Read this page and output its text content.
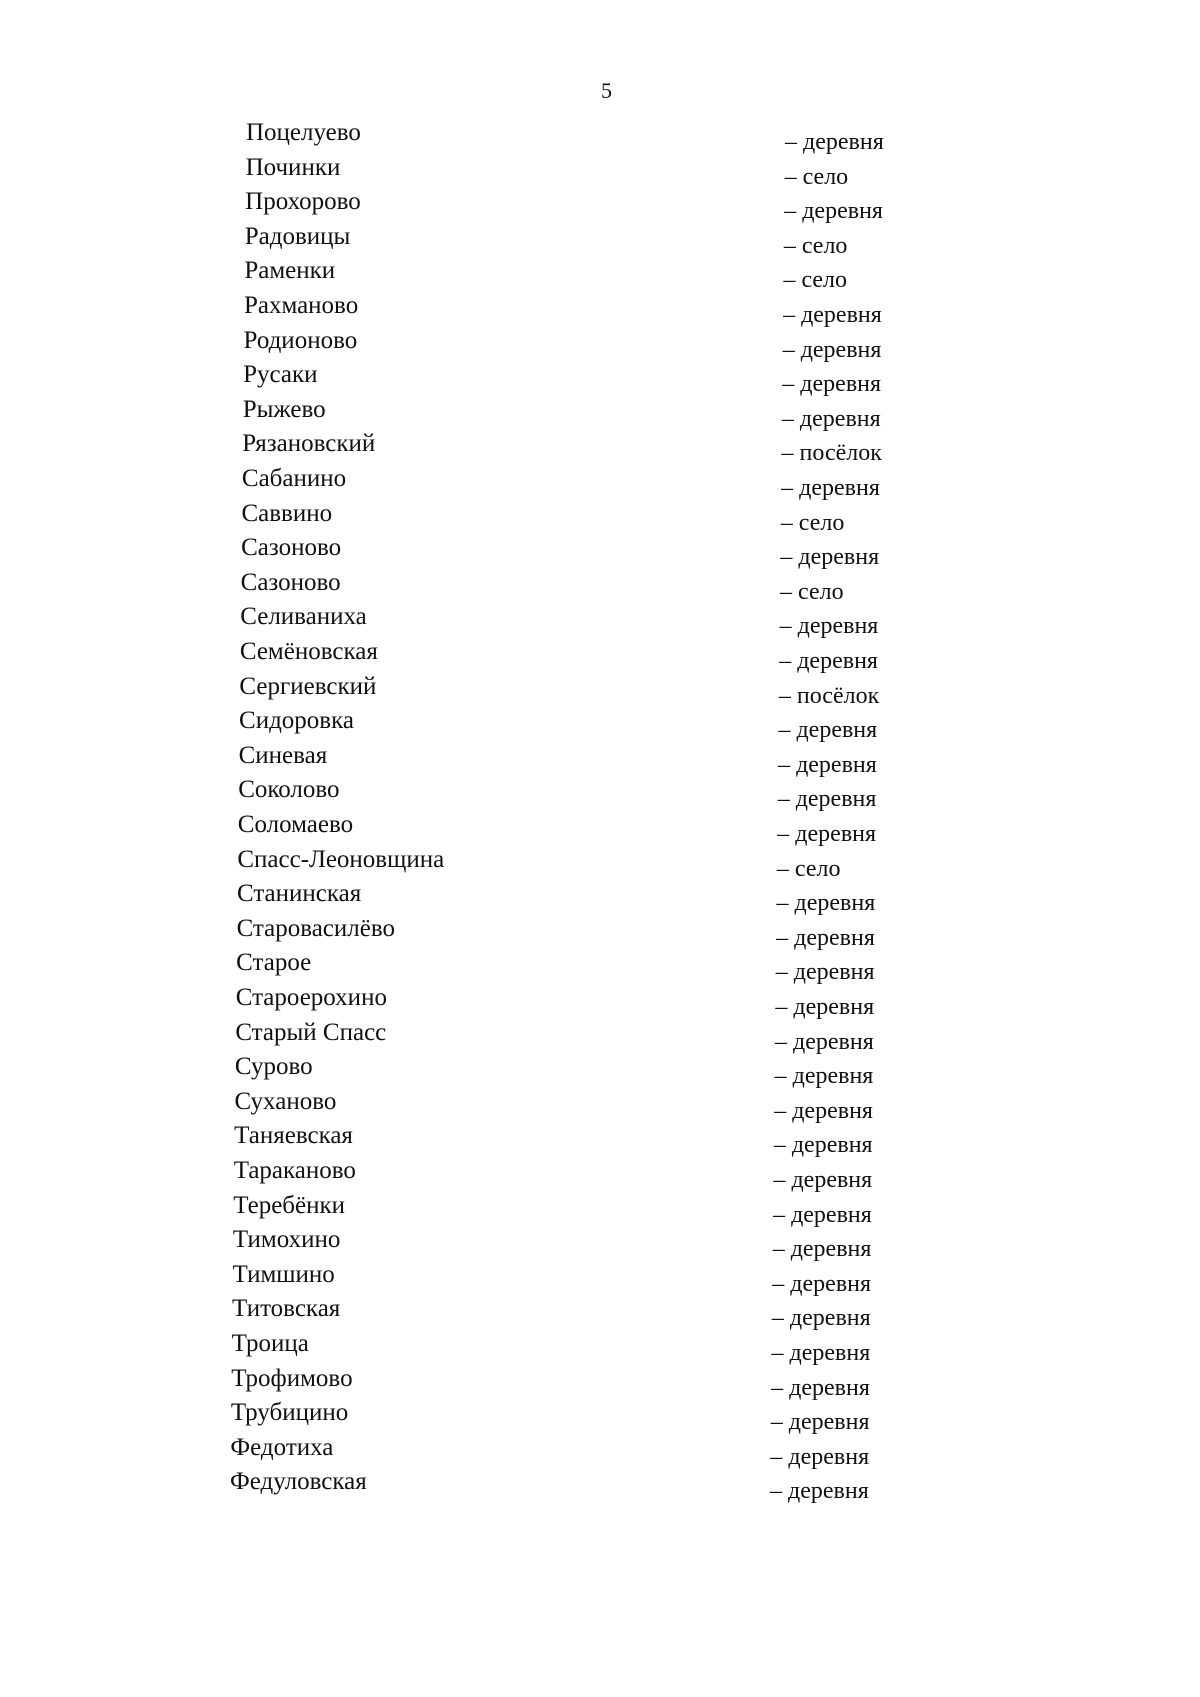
5
Поцелуево	– деревня
Починки	– село
Прохорово	– деревня
Радовицы	– село
Раменки	– село
Рахманово	– деревня
Родионово	– деревня
Русаки	– деревня
Рыжево	– деревня
Рязановский	– посёлок
Сабанино	– деревня
Саввино	– село
Сазоново	– деревня
Сазоново	– село
Селиваниха	– деревня
Семёновская	– деревня
Сергиевский	– посёлок
Сидоровка	– деревня
Синевая	– деревня
Соколово	– деревня
Соломаево	– деревня
Спасс-Леоновщина	– село
Станинская	– деревня
Старовасилёво	– деревня
Старое	– деревня
Староерохино	– деревня
Старый Спасс	– деревня
Сурово	– деревня
Суханово	– деревня
Таняевская	– деревня
Тараканово	– деревня
Теребёнки	– деревня
Тимохино	– деревня
Тимшино	– деревня
Титовская	– деревня
Троица	– деревня
Трофимово	– деревня
Трубицино	– деревня
Федотиха	– деревня
Федуловская	– деревня
